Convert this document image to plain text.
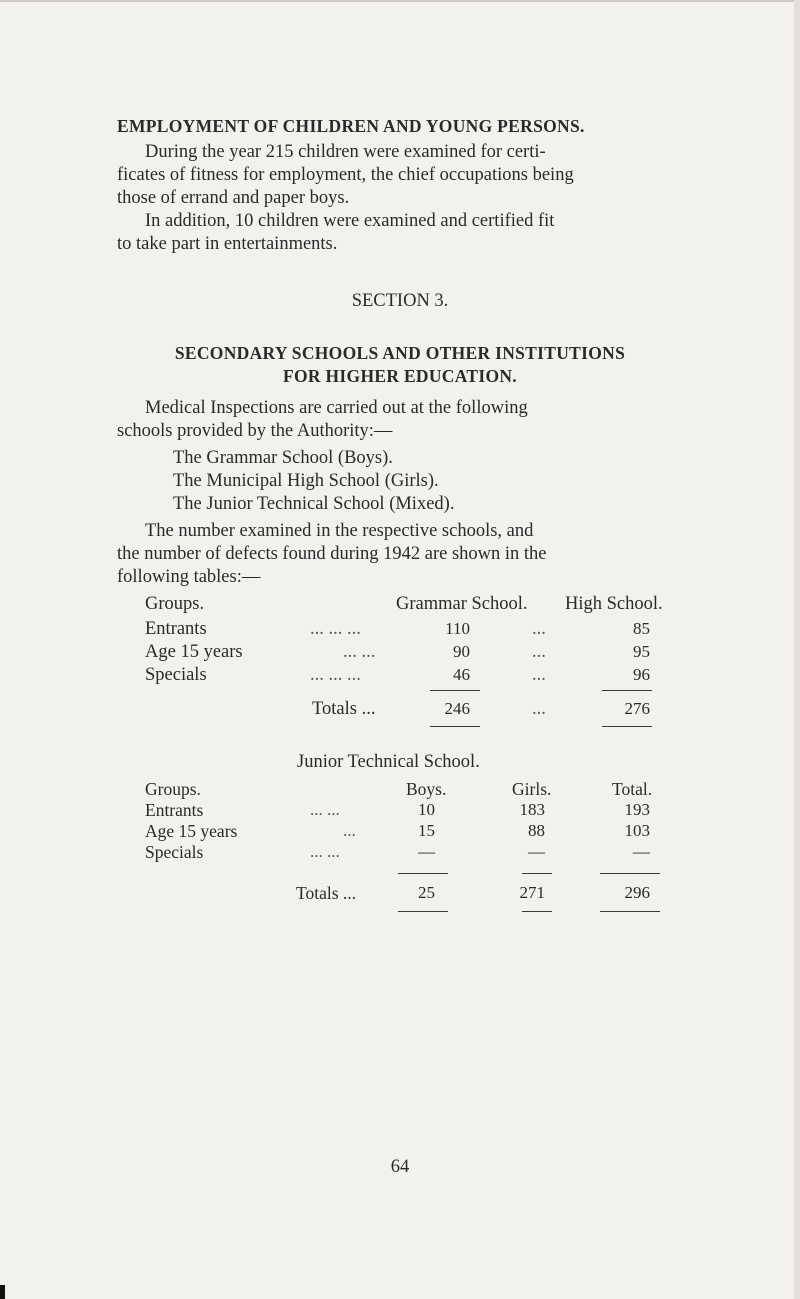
EMPLOYMENT OF CHILDREN AND YOUNG PERSONS.
During the year 215 children were examined for certi-
ficates of fitness for employment, the chief occupations being
those of errand and paper boys.
In addition, 10 children were examined and certified fit
to take part in entertainments.
SECTION 3.
SECONDARY SCHOOLS AND OTHER INSTITUTIONS
FOR HIGHER EDUCATION.
Medical Inspections are carried out at the following
schools provided by the Authority:—
The Grammar School (Boys).
The Municipal High School (Girls).
The Junior Technical School (Mixed).
The number examined in the respective schools, and
the number of defects found during 1942 are shown in the
following tables:—
Groups.	Grammar School. High School.
Entrants	... ... ...	110	...	85
Age 15 years	... ...	90	...	95
Specials	... ... ...	46	...	96
Totals ...	246	...	276
Junior Technical School.
Groups.	Boys.	Girls.	Total.
Entrants	... ...	10	183	193
Age 15 years	...	15	88	103
Specials	... ...	—	—	—
Totals ...	25	271	296
64
